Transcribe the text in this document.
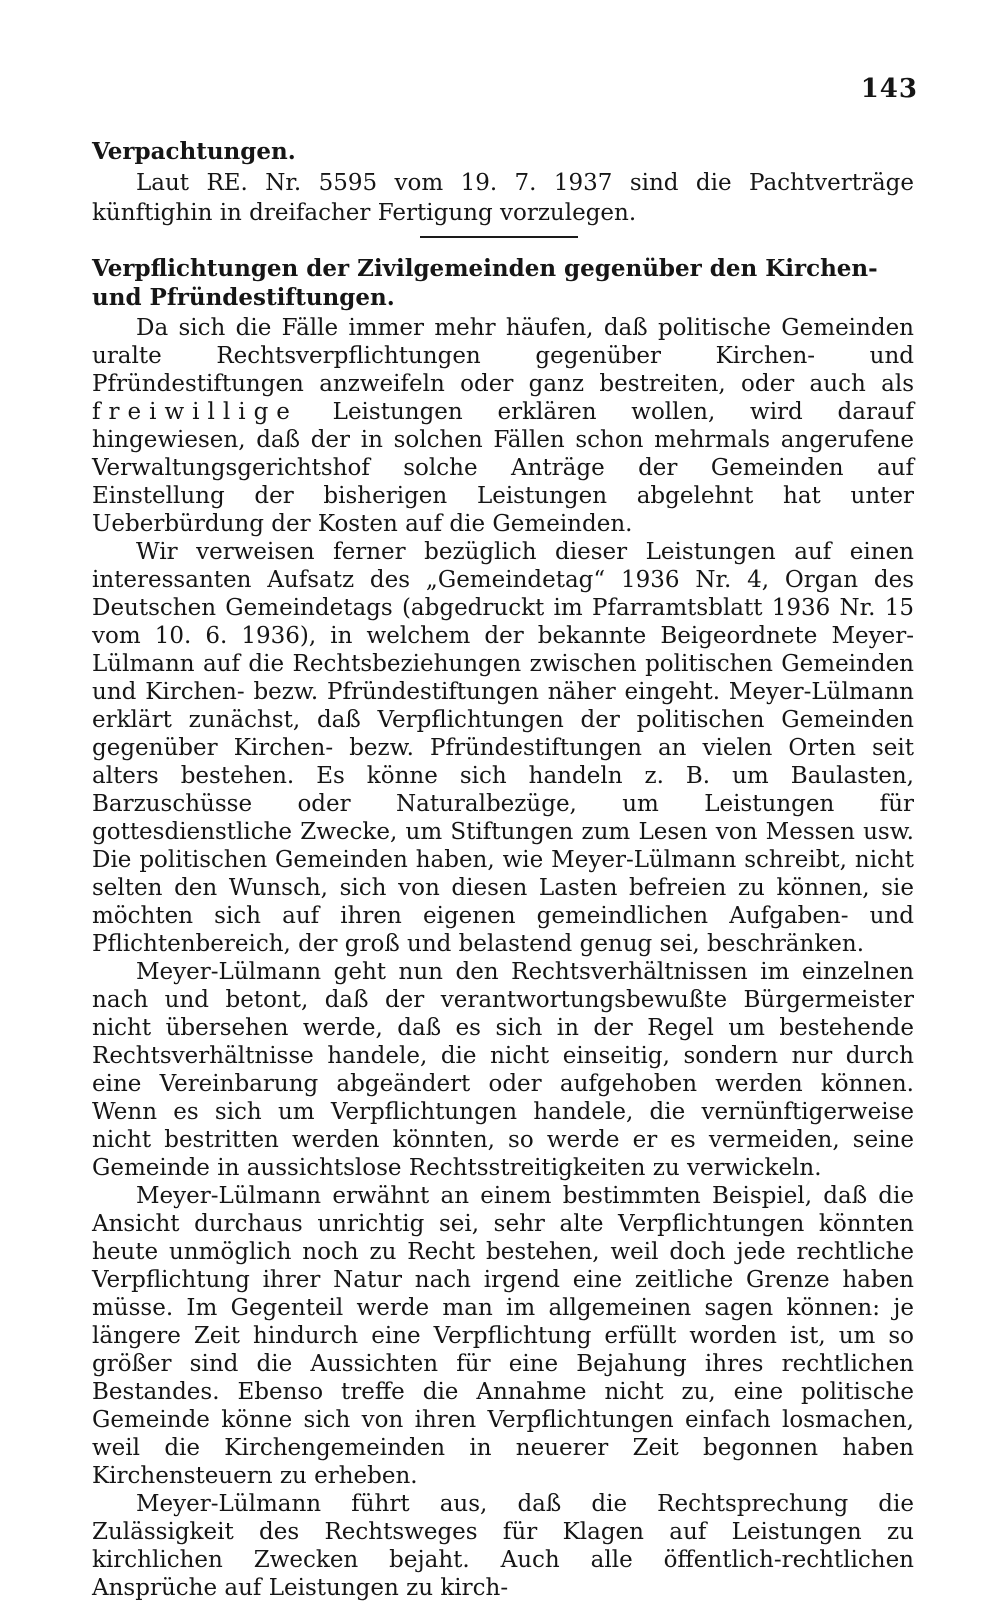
143
Verpachtungen.

Laut RE. Nr. 5595 vom 19. 7. 1937 sind die Pachtverträge künftighin in dreifacher Fertigung vorzulegen.

Verpflichtungen der Zivilgemeinden gegenüber den Kirchen- und Pfründestiftungen.

Da sich die Fälle immer mehr häufen, daß politische Gemeinden uralte Rechtsverpflichtungen gegenüber Kirchen- und Pfründestiftungen anzweifeln oder ganz bestreiten, oder auch als freiwillige Leistungen erklären wollen, wird darauf hingewiesen, daß der in solchen Fällen schon mehrmals angerufene Verwaltungsgerichtshof solche Anträge der Gemeinden auf Einstellung der bisherigen Leistungen abgelehnt hat unter Ueberbürdung der Kosten auf die Gemeinden.

Wir verweisen ferner bezüglich dieser Leistungen auf einen interessanten Aufsatz des „Gemeindetag“ 1936 Nr. 4, Organ des Deutschen Gemeindetags (abgedruckt im Pfarramtsblatt 1936 Nr. 15 vom 10. 6. 1936), in welchem der bekannte Beigeordnete Meyer-Lülmann auf die Rechtsbeziehungen zwischen politischen Gemeinden und Kirchen- bezw. Pfründestiftungen näher eingeht. Meyer-Lülmann erklärt zunächst, daß Verpflichtungen der politischen Gemeinden gegenüber Kirchen- bezw. Pfründestiftungen an vielen Orten seit alters bestehen. Es könne sich handeln z. B. um Baulasten, Barzuschüsse oder Naturalbezüge, um Leistungen für gottesdienstliche Zwecke, um Stiftungen zum Lesen von Messen usw. Die politischen Gemeinden haben, wie Meyer-Lülmann schreibt, nicht selten den Wunsch, sich von diesen Lasten befreien zu können, sie möchten sich auf ihren eigenen gemeindlichen Aufgaben- und Pflichtenbereich, der groß und belastend genug sei, beschränken.

Meyer-Lülmann geht nun den Rechtsverhältnissen im einzelnen nach und betont, daß der verantwortungsbewußte Bürgermeister nicht übersehen werde, daß es sich in der Regel um bestehende Rechtsverhältnisse handele, die nicht einseitig, sondern nur durch eine Vereinbarung abgeändert oder aufgehoben werden können. Wenn es sich um Verpflichtungen handele, die vernünftigerweise nicht bestritten werden könnten, so werde er es vermeiden, seine Gemeinde in aussichtslose Rechtsstreitigkeiten zu verwickeln.

Meyer-Lülmann erwähnt an einem bestimmten Beispiel, daß die Ansicht durchaus unrichtig sei, sehr alte Verpflichtungen könnten heute unmöglich noch zu Recht bestehen, weil doch jede rechtliche Verpflichtung ihrer Natur nach irgend eine zeitliche Grenze haben müsse. Im Gegenteil werde man im allgemeinen sagen können: je längere Zeit hindurch eine Verpflichtung erfüllt worden ist, um so größer sind die Aussichten für eine Bejahung ihres rechtlichen Bestandes. Ebenso treffe die Annahme nicht zu, eine politische Gemeinde könne sich von ihren Verpflichtungen einfach losmachen, weil die Kirchengemeinden in neuerer Zeit begonnen haben Kirchensteuern zu erheben.

Meyer-Lülmann führt aus, daß die Rechtsprechung die Zulässigkeit des Rechtsweges für Klagen auf Leistungen zu kirchlichen Zwecken bejaht. Auch alle öffentlich-rechtlichen Ansprüche auf Leistungen zu kirch-
